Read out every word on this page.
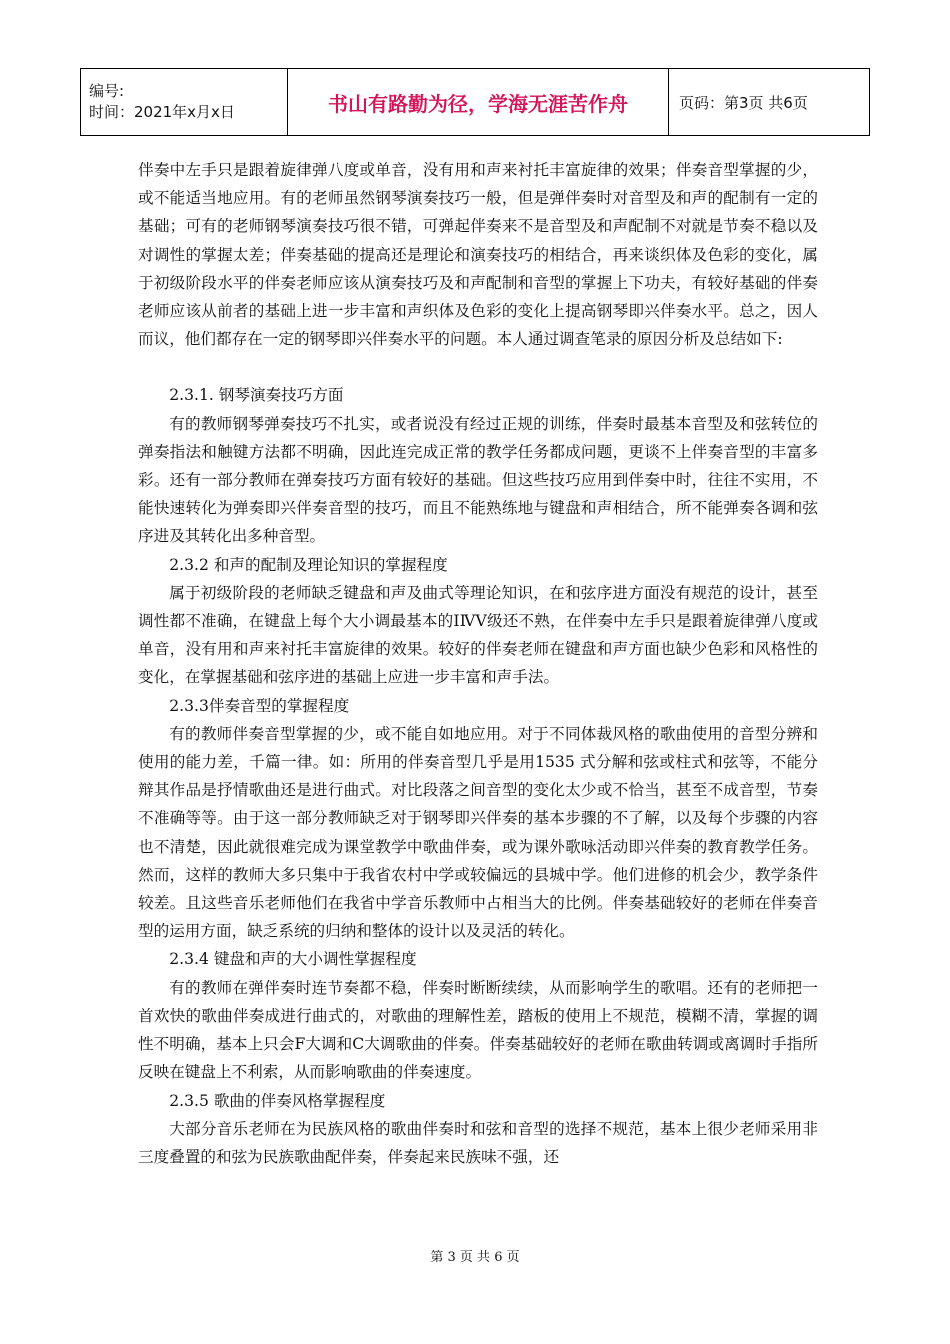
编号:
时间：2021年x月x日	书山有路勤为径，学海无涯苦作舟	页码：第3页 共6页

伴奏中左手只是跟着旋律弹八度或单音，没有用和声来衬托丰富旋律的效果；伴奏音型掌握的少，或不能适当地应用。有的老师虽然钢琴演奏技巧一般，但是弹伴奏时对音型及和声的配制有一定的基础；可有的老师钢琴演奏技巧很不错，可弹起伴奏来不是音型及和声配制不对就是节奏不稳以及对调性的掌握太差；伴奏基础的提高还是理论和演奏技巧的相结合，再来谈织体及色彩的变化，属于初级阶段水平的伴奏老师应该从演奏技巧及和声配制和音型的掌握上下功夫，有较好基础的伴奏老师应该从前者的基础上进一步丰富和声织体及色彩的变化上提高钢琴即兴伴奏水平。总之，因人而议，他们都存在一定的钢琴即兴伴奏水平的问题。本人通过调查笔录的原因分析及总结如下:

2.3.1. 钢琴演奏技巧方面

有的教师钢琴弹奏技巧不扎实，或者说没有经过正规的训练，伴奏时最基本音型及和弦转位的弹奏指法和触键方法都不明确，因此连完成正常的教学任务都成问题，更谈不上伴奏音型的丰富多彩。还有一部分教师在弹奏技巧方面有较好的基础。但这些技巧应用到伴奏中时，往往不实用，不能快速转化为弹奏即兴伴奏音型的技巧，而且不能熟练地与键盘和声相结合，所不能弹奏各调和弦序进及其转化出多种音型。

2.3.2 和声的配制及理论知识的掌握程度

属于初级阶段的老师缺乏键盘和声及曲式等理论知识，在和弦序进方面没有规范的设计，甚至调性都不准确，在键盘上每个大小调最基本的ⅠⅣⅤ级还不熟，在伴奏中左手只是跟着旋律弹八度或单音，没有用和声来衬托丰富旋律的效果。较好的伴奏老师在键盘和声方面也缺少色彩和风格性的变化，在掌握基础和弦序进的基础上应进一步丰富和声手法。

2.3.3伴奏音型的掌握程度

有的教师伴奏音型掌握的少，或不能自如地应用。对于不同体裁风格的歌曲使用的音型分辨和使用的能力差，千篇一律。如：所用的伴奏音型几乎是用1535 式分解和弦或柱式和弦等，不能分辩其作品是抒情歌曲还是进行曲式。对比段落之间音型的变化太少或不恰当，甚至不成音型，节奏不准确等等。由于这一部分教师缺乏对于钢琴即兴伴奏的基本步骤的不了解，以及每个步骤的内容也不清楚，因此就很难完成为课堂教学中歌曲伴奏，或为课外歌咏活动即兴伴奏的教育教学任务。然而，这样的教师大多只集中于我省农村中学或较偏远的县城中学。他们进修的机会少，教学条件较差。且这些音乐老师他们在我省中学音乐教师中占相当大的比例。伴奏基础较好的老师在伴奏音型的运用方面，缺乏系统的归纳和整体的设计以及灵活的转化。

2.3.4 键盘和声的大小调性掌握程度

有的教师在弹伴奏时连节奏都不稳，伴奏时断断续续，从而影响学生的歌唱。还有的老师把一首欢快的歌曲伴奏成进行曲式的，对歌曲的理解性差，踏板的使用上不规范，模糊不清，掌握的调性不明确，基本上只会F大调和C大调歌曲的伴奏。伴奏基础较好的老师在歌曲转调或离调时手指所反映在键盘上不利索，从而影响歌曲的伴奏速度。

2.3.5 歌曲的伴奏风格掌握程度

大部分音乐老师在为民族风格的歌曲伴奏时和弦和音型的选择不规范，基本上很少老师采用非三度叠置的和弦为民族歌曲配伴奏，伴奏起来民族味不强，还

第 3 页 共 6 页
